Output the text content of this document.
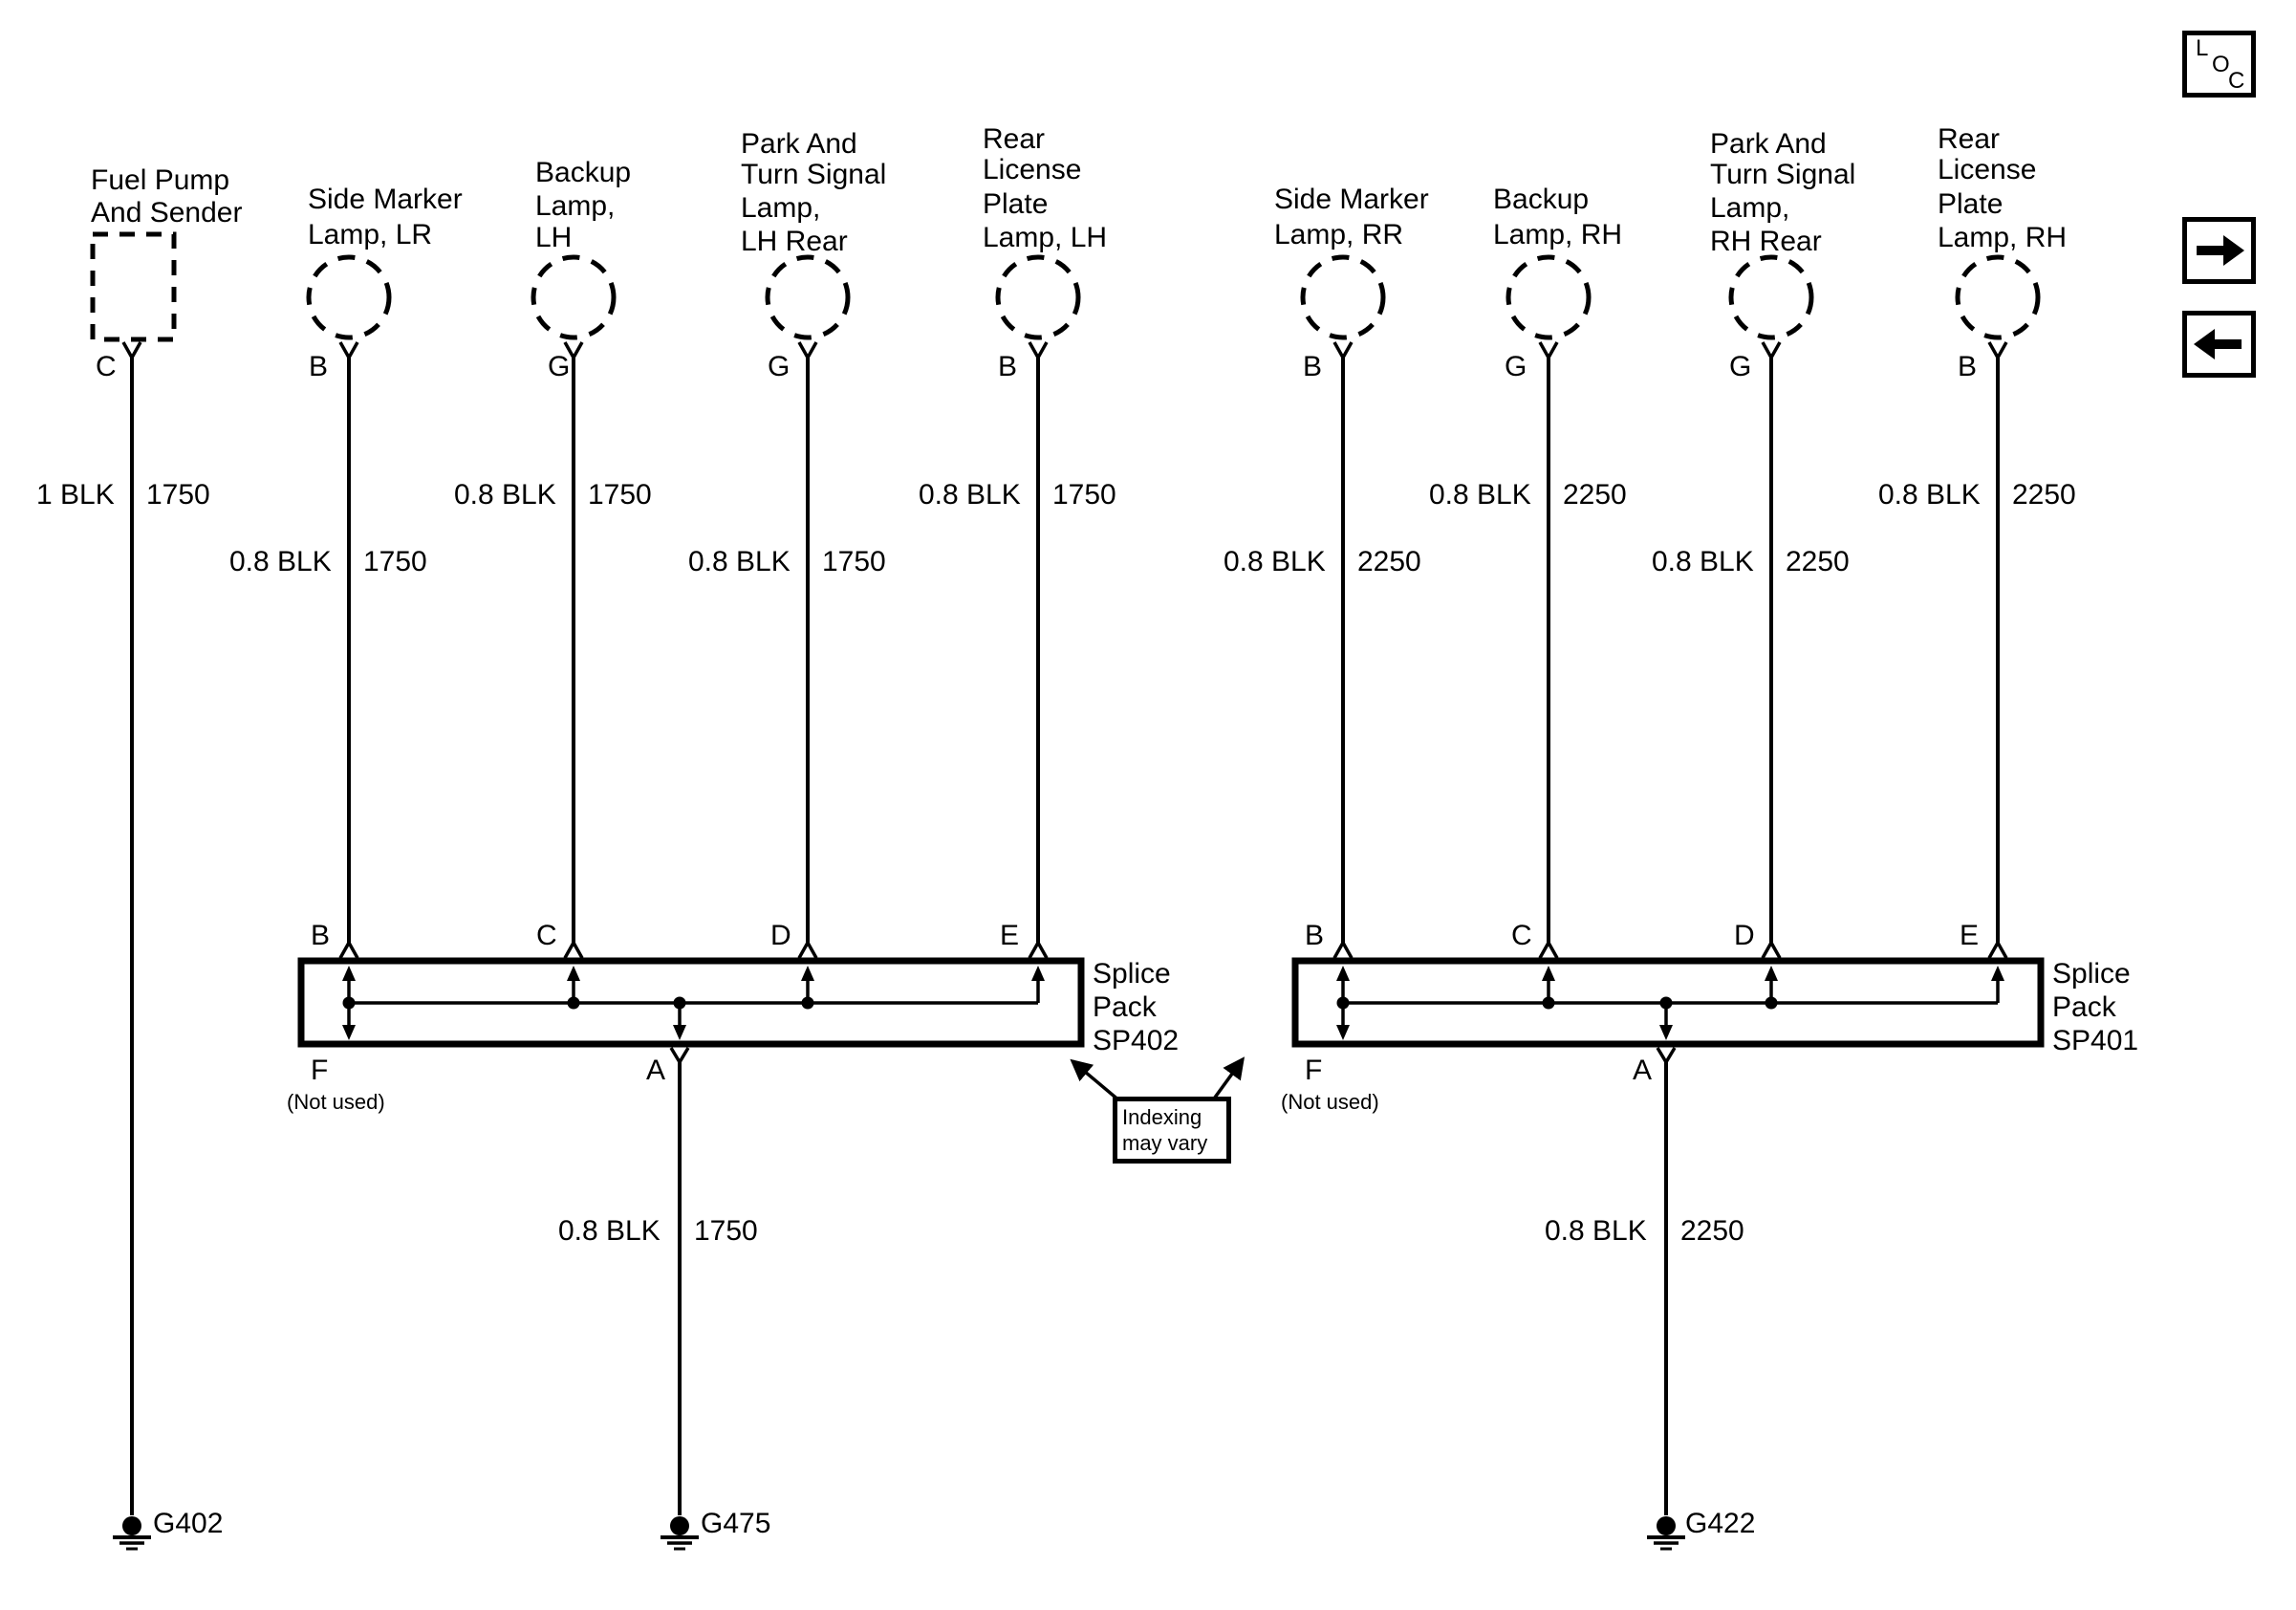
Fuel Pump
And Sender Side Marker
Lamp, LR
Backup
Lamp,
LH
Park And
Turn Signal
Lamp,
LH Rear
Rear
License
Plate
Lamp, LH
Side Marker
Lamp, RR
Backup
Lamp, RH
Park And
Turn Signal
Lamp,
RH Rear
Rear
License
Plate
Lamp, RH
C	B	G	G	B	B	G	G	B
1 BLK 1750	0.8 BLK 1750	0.8 BLK 1750	0.8 BLK 2250	0.8 BLK 2250
0.8 BLK 1750	0.8 BLK 1750	0.8 BLK 2250	0.8 BLK 2250
B	C	D	E	B	C	D	E
F
(Not used)
A	F
(Not used)
A
Splice
Pack
SP402
Splice
Pack
SP401
0.8 BLK 1750	0.8 BLK 2250
G402	G475	G422
Indexing
may vary
L
O
C
